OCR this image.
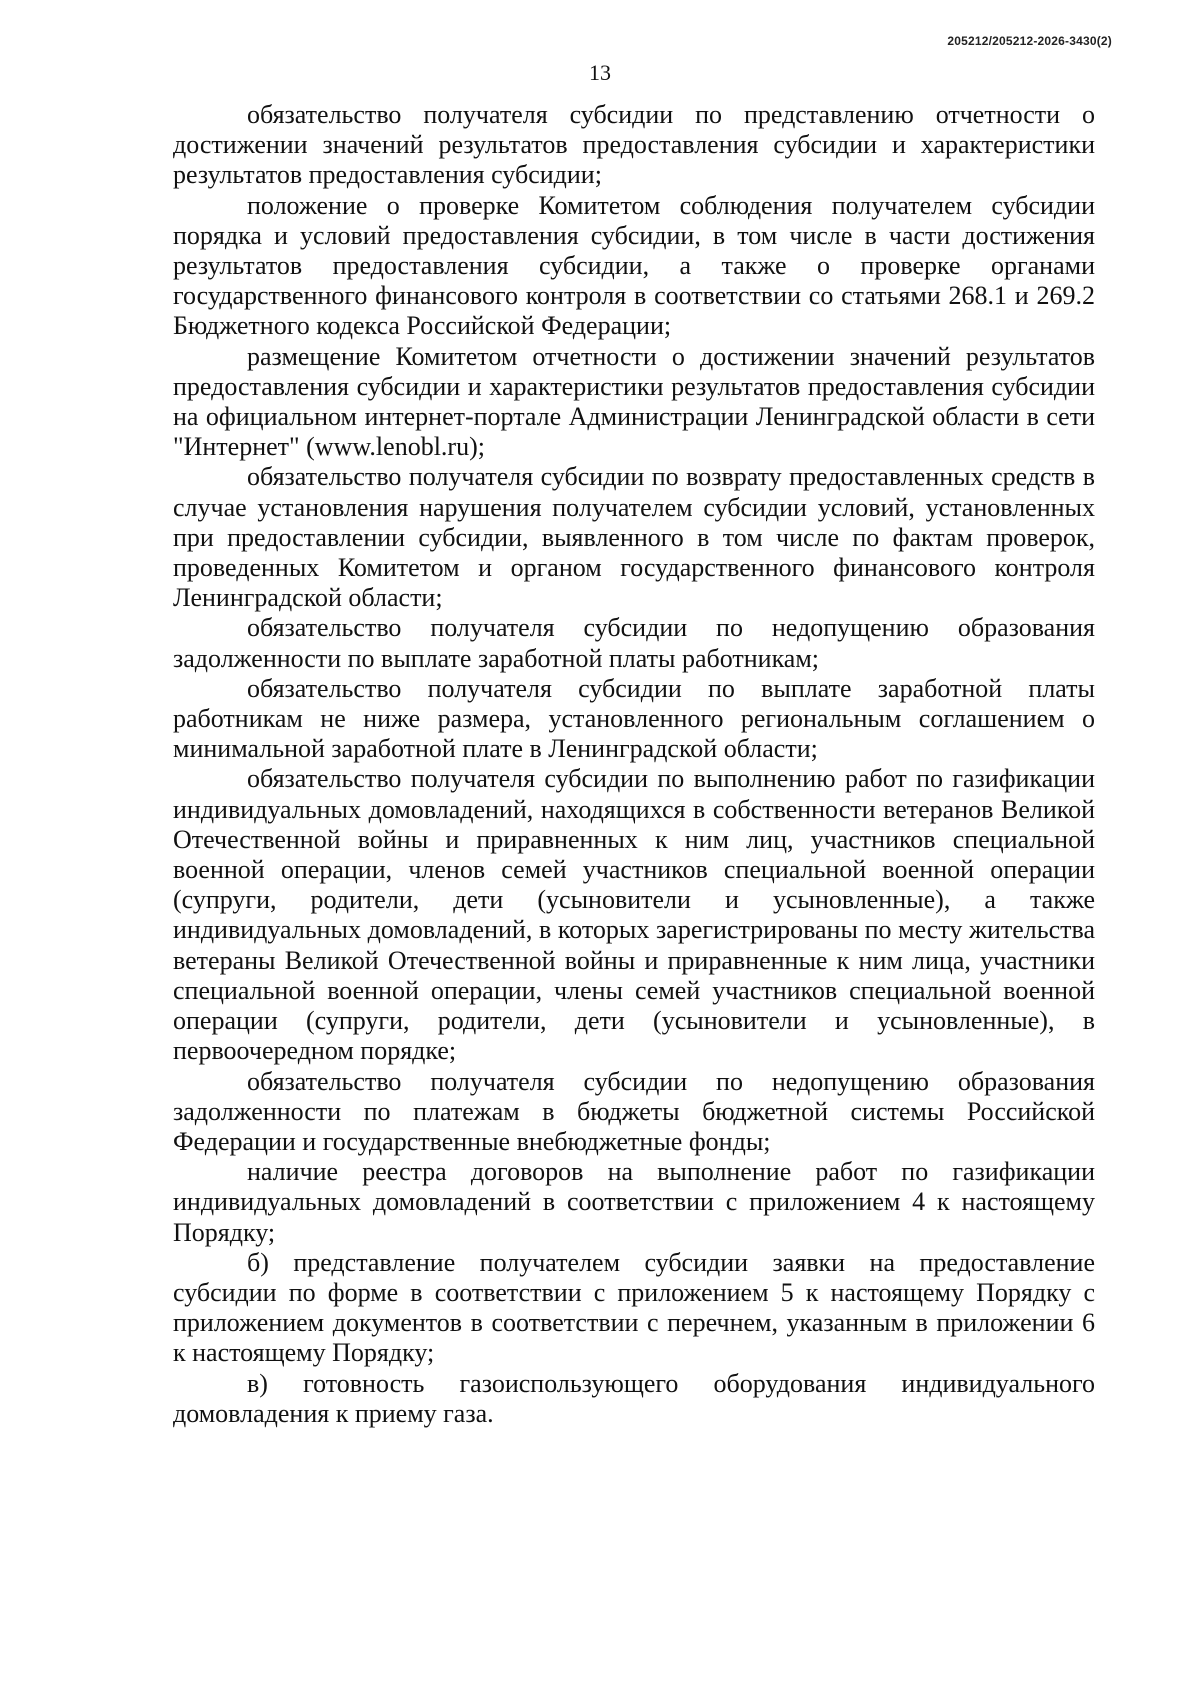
205212/205212-2026-3430(2)
13

обязательство получателя субсидии по представлению отчетности о достижении значений результатов предоставления субсидии и характеристики результатов предоставления субсидии;

положение о проверке Комитетом соблюдения получателем субсидии порядка и условий предоставления субсидии, в том числе в части достижения результатов предоставления субсидии, а также о проверке органами государственного финансового контроля в соответствии со статьями 268.1 и 269.2 Бюджетного кодекса Российской Федерации;

размещение Комитетом отчетности о достижении значений результатов предоставления субсидии и характеристики результатов предоставления субсидии на официальном интернет-портале Администрации Ленинградской области в сети "Интернет" (www.lenobl.ru);

обязательство получателя субсидии по возврату предоставленных средств в случае установления нарушения получателем субсидии условий, установленных при предоставлении субсидии, выявленного в том числе по фактам проверок, проведенных Комитетом и органом государственного финансового контроля Ленинградской области;

обязательство получателя субсидии по недопущению образования задолженности по выплате заработной платы работникам;

обязательство получателя субсидии по выплате заработной платы работникам не ниже размера, установленного региональным соглашением о минимальной заработной плате в Ленинградской области;

обязательство получателя субсидии по выполнению работ по газификации индивидуальных домовладений, находящихся в собственности ветеранов Великой Отечественной войны и приравненных к ним лиц, участников специальной военной операции, членов семей участников специальной военной операции (супруги, родители, дети (усыновители и усыновленные), а также индивидуальных домовладений, в которых зарегистрированы по месту жительства ветераны Великой Отечественной войны и приравненные к ним лица, участники специальной военной операции, члены семей участников специальной военной операции (супруги, родители, дети (усыновители и усыновленные), в первоочередном порядке;

обязательство получателя субсидии по недопущению образования задолженности по платежам в бюджеты бюджетной системы Российской Федерации и государственные внебюджетные фонды;

наличие реестра договоров на выполнение работ по газификации индивидуальных домовладений в соответствии с приложением 4 к настоящему Порядку;

б) представление получателем субсидии заявки на предоставление субсидии по форме в соответствии с приложением 5 к настоящему Порядку с приложением документов в соответствии с перечнем, указанным в приложении 6 к настоящему Порядку;

в) готовность газоиспользующего оборудования индивидуального домовладения к приему газа.
